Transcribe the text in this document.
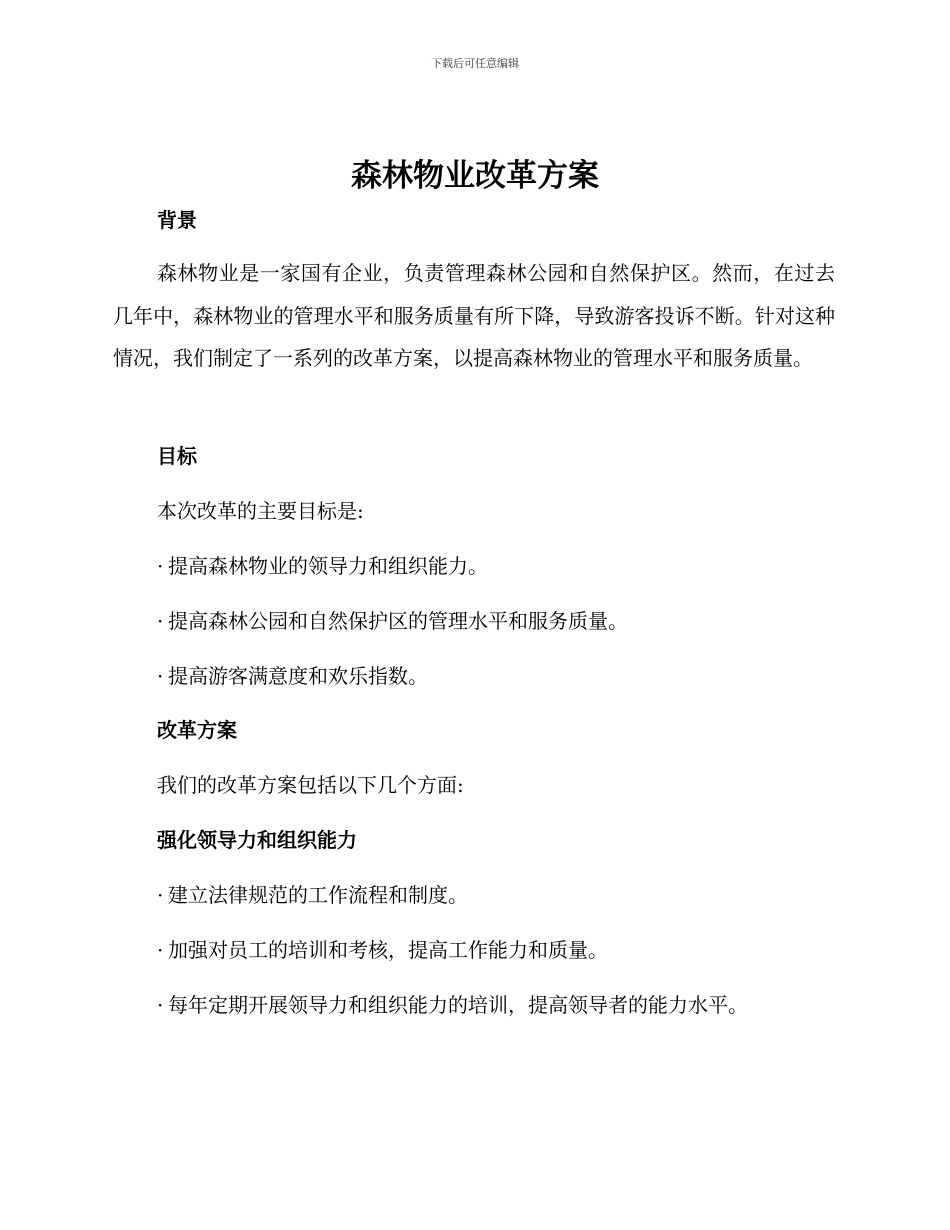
下载后可任意编辑
森林物业改革方案
背景

森林物业是一家国有企业，负责管理森林公园和自然保护区。然而，在过去几年中，森林物业的管理水平和服务质量有所下降，导致游客投诉不断。针对这种情况，我们制定了一系列的改革方案，以提高森林物业的管理水平和服务质量。

目标

本次改革的主要目标是:

· 提高森林物业的领导力和组织能力。

· 提高森林公园和自然保护区的管理水平和服务质量。

· 提高游客满意度和欢乐指数。

改革方案

我们的改革方案包括以下几个方面:

强化领导力和组织能力

· 建立法律规范的工作流程和制度。

· 加强对员工的培训和考核，提高工作能力和质量。

· 每年定期开展领导力和组织能力的培训，提高领导者的能力水平。
